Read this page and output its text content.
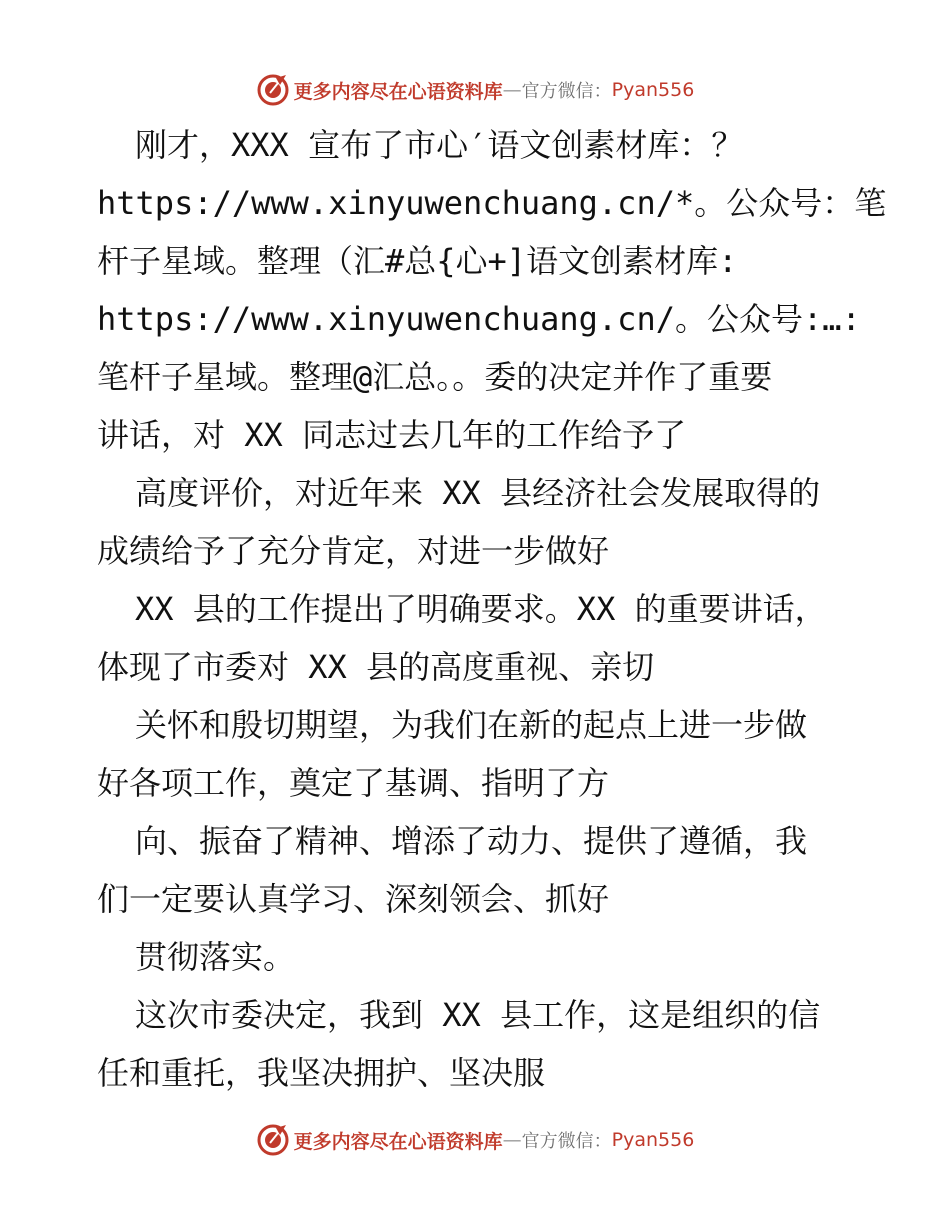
更多内容尽在心语资料库 — 官方微信： Pyan556
刚才，XXX 宣布了市心′语文创素材库：？
https://www.xinyuwenchuang.cn/*。公众号：笔
杆子星域。整理（汇#总{心+]语文创素材库:
https://www.xinyuwenchuang.cn/。公众号:…:
笔杆子星域。整理@汇总。。委的决定并作了重要
讲话，对 XX 同志过去几年的工作给予了
高度评价，对近年来 XX 县经济社会发展取得的
成绩给予了充分肯定，对进一步做好
XX 县的工作提出了明确要求。XX 的重要讲话，
体现了市委对 XX 县的高度重视、亲切
关怀和殷切期望，为我们在新的起点上进一步做
好各项工作，奠定了基调、指明了方
向、振奋了精神、增添了动力、提供了遵循，我
们一定要认真学习、深刻领会、抓好
贯彻落实。
这次市委决定，我到 XX 县工作，这是组织的信
任和重托，我坚决拥护、坚决服
更多内容尽在心语资料库 — 官方微信： Pyan556
